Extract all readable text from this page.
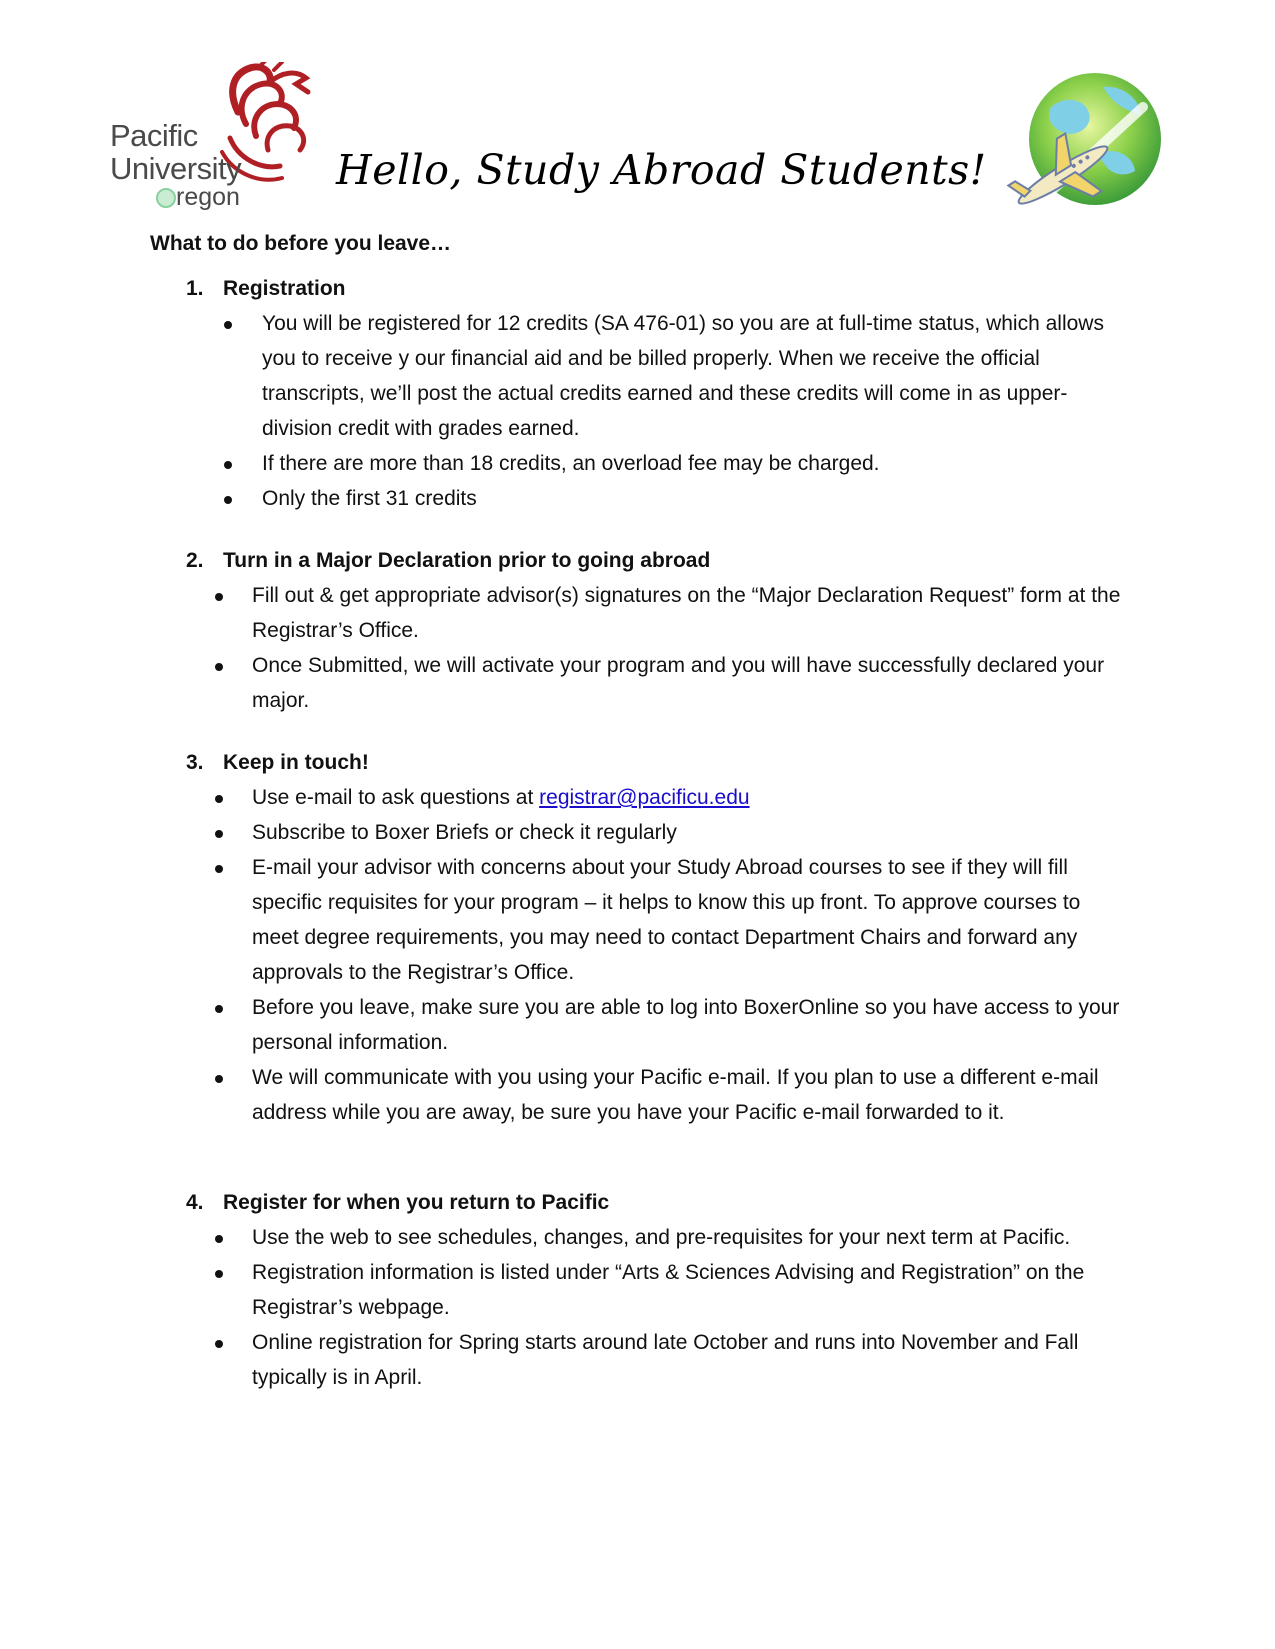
Pacific
University
regon
Hello, Study Abroad Students!
What to do before you leave…
1. Registration
You will be registered for 12 credits (SA 476-01) so you are at full-time status, which allows you to receive y our financial aid and be billed properly. When we receive the official transcripts, we’ll post the actual credits earned and these credits will come in as upper-division credit with grades earned.
If there are more than 18 credits, an overload fee may be charged.
Only the first 31 credits
2. Turn in a Major Declaration prior to going abroad
Fill out & get appropriate advisor(s) signatures on the “Major Declaration Request” form at the Registrar’s Office.
Once Submitted, we will activate your program and you will have successfully declared your major.
3. Keep in touch!
Use e-mail to ask questions at registrar@pacificu.edu
Subscribe to Boxer Briefs or check it regularly
E-mail your advisor with concerns about your Study Abroad courses to see if they will fill specific requisites for your program – it helps to know this up front. To approve courses to meet degree requirements, you may need to contact Department Chairs and forward any approvals to the Registrar’s Office.
Before you leave, make sure you are able to log into BoxerOnline so you have access to your personal information.
We will communicate with you using your Pacific e-mail. If you plan to use a different e-mail address while you are away, be sure you have your Pacific e-mail forwarded to it.
4. Register for when you return to Pacific
Use the web to see schedules, changes, and pre-requisites for your next term at Pacific.
Registration information is listed under “Arts & Sciences Advising and Registration” on the Registrar’s webpage.
Online registration for Spring starts around late October and runs into November and Fall typically is in April.
